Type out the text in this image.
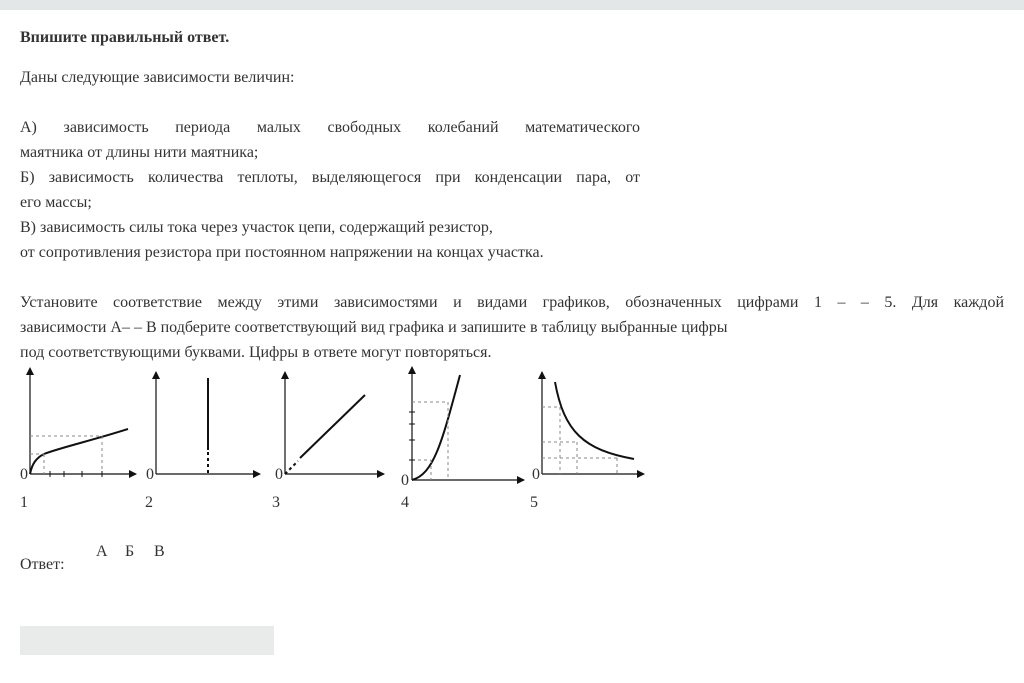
Впишите правильный ответ.
Даны следующие зависимости величин:
А) зависимость периода малых свободных колебаний математического
маятника от длины нити маятника;
Б) зависимость количества теплоты, выделяющегося при конденсации пара, от
его массы;
В) зависимость силы тока через участок цепи, содержащий резистор,
от сопротивления резистора при постоянном напряжении на концах участка.
Установите соответствие между этими зависимостями и видами графиков, обозначенных цифрами 1 – – 5. Для каждой
зависимости А– – В подберите соответствующий вид графика и запишите в таблицу выбранные цифры
под соответствующими буквами. Цифры в ответе могут повторяться.
0
1
0
2
0
3
0
4
0
5
Ответ:
А Б В
